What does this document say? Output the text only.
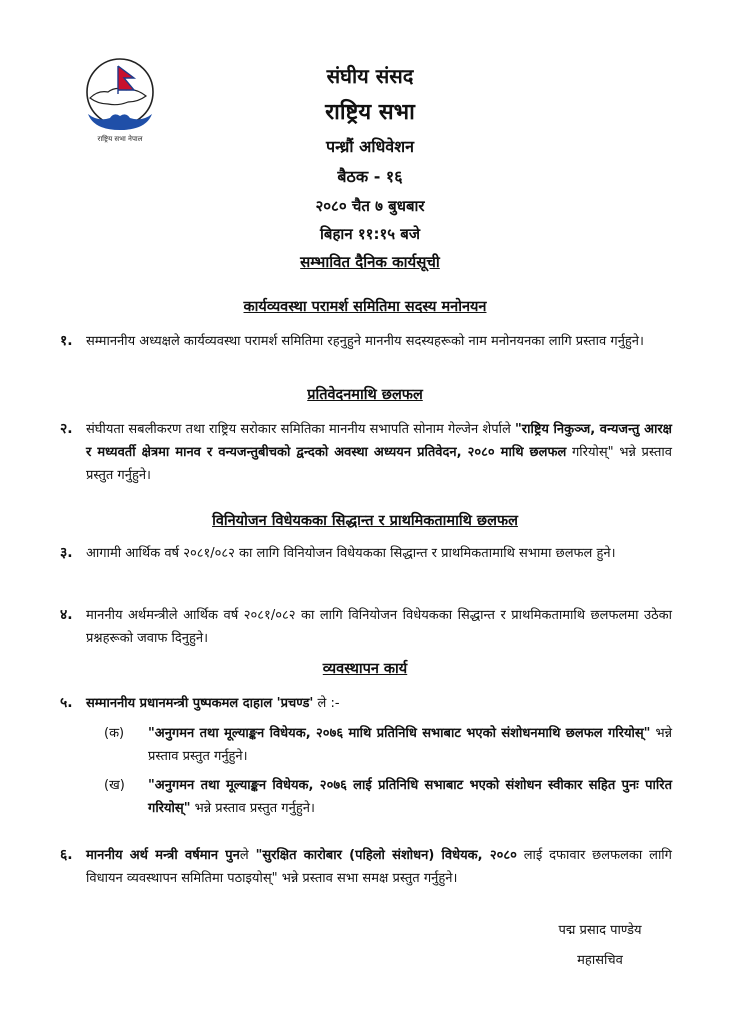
राष्ट्रिय सभा नेपाल
संघीय संसद
राष्ट्रिय सभा
पन्ध्रौं अधिवेशन
बैठक - १६
२०८० चैत ७ बुधबार
बिहान ११:१५ बजे
सम्भावित दैनिक कार्यसूची
कार्यव्यवस्था परामर्श समितिमा सदस्य मनोनयन
१. सम्माननीय अध्यक्षले कार्यव्यवस्था परामर्श समितिमा रहनुहुने माननीय सदस्यहरूको नाम मनोनयनका लागि प्रस्ताव गर्नुहुने।
प्रतिवेदनमाथि छलफल
२. संघीयता सबलीकरण तथा राष्ट्रिय सरोकार समितिका माननीय सभापति सोनाम गेल्जेन शेर्पाले "राष्ट्रिय निकुञ्ज, वन्यजन्तु आरक्ष र मध्यवर्ती क्षेत्रमा मानव र वन्यजन्तुबीचको द्वन्दको अवस्था अध्ययन प्रतिवेदन, २०८० माथि छलफल गरियोस्" भन्ने प्रस्ताव प्रस्तुत गर्नुहुने।
विनियोजन विधेयकका सिद्धान्त र प्राथमिकतामाथि छलफल
३. आगामी आर्थिक वर्ष २०८१/०८२ का लागि विनियोजन विधेयकका सिद्धान्त र प्राथमिकतामाथि सभामा छलफल हुने।
४. माननीय अर्थमन्त्रीले आर्थिक वर्ष २०८१/०८२ का लागि विनियोजन विधेयकका सिद्धान्त र प्राथमिकतामाथि छलफलमा उठेका प्रश्नहरूको जवाफ दिनुहुने।
व्यवस्थापन कार्य
५. सम्माननीय प्रधानमन्त्री पुष्पकमल दाहाल 'प्रचण्ड' ले :-
(क) "अनुगमन तथा मूल्याङ्कन विधेयक, २०७६ माथि प्रतिनिधि सभाबाट भएको संशोधनमाथि छलफल गरियोस्" भन्ने प्रस्ताव प्रस्तुत गर्नुहुने।
(ख) "अनुगमन तथा मूल्याङ्कन विधेयक, २०७६ लाई प्रतिनिधि सभाबाट भएको संशोधन स्वीकार सहित पुनः पारित गरियोस्" भन्ने प्रस्ताव प्रस्तुत गर्नुहुने।
६. माननीय अर्थ मन्त्री वर्षमान पुनले "सुरक्षित कारोबार (पहिलो संशोधन) विधेयक, २०८० लाई दफावार छलफलका लागि विधायन व्यवस्थापन समितिमा पठाइयोस्" भन्ने प्रस्ताव सभा समक्ष प्रस्तुत गर्नुहुने।
पद्म प्रसाद पाण्डेय
महासचिव
